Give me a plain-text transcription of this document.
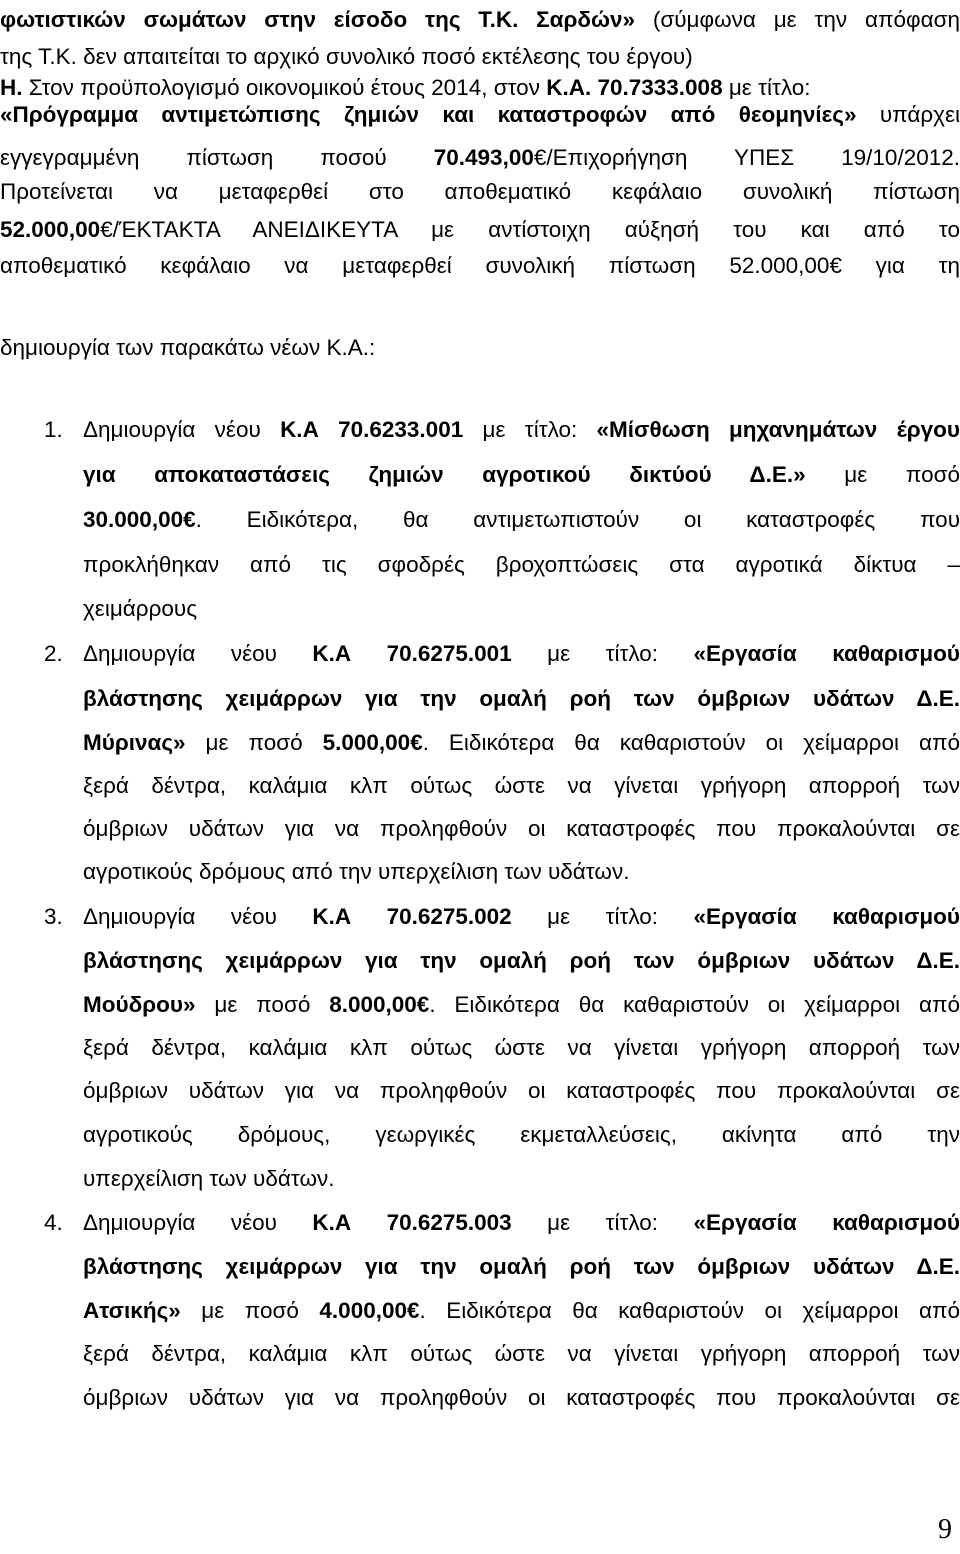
φωτιστικών σωμάτων στην είσοδο της Τ.Κ. Σαρδών» (σύμφωνα με την απόφαση
της Τ.Κ. δεν απαιτείται το αρχικό συνολικό ποσό εκτέλεσης του έργου)
Η. Στον προϋπολογισμό οικονομικού έτους 2014, στον Κ.Α. 70.7333.008 με τίτλο:
«Πρόγραμμα αντιμετώπισης ζημιών και καταστροφών από θεομηνίες» υπάρχει
εγγεγραμμένη πίστωση ποσού 70.493,00€/Επιχορήγηση ΥΠΕΣ 19/10/2012.
Προτείνεται να μεταφερθεί στο αποθεματικό κεφάλαιο συνολική πίστωση
52.000,00€/ΈΚΤΑΚΤΑ ΑΝΕΙΔΙΚΕΥΤΑ με αντίστοιχη αύξησή του και από το
αποθεματικό κεφάλαιο να μεταφερθεί συνολική πίστωση 52.000,00€ για τη
δημιουργία των παρακάτω νέων Κ.Α.:
1. Δημιουργία νέου Κ.Α 70.6233.001 με τίτλο: «Μίσθωση μηχανημάτων έργου
για αποκαταστάσεις ζημιών αγροτικού δικτύού Δ.Ε.» με ποσό
30.000,00€. Ειδικότερα, θα αντιμετωπιστούν οι καταστροφές που
προκλήθηκαν από τις σφοδρές βροχοπτώσεις στα αγροτικά δίκτυα –
χειμάρρους
2. Δημιουργία νέου Κ.Α 70.6275.001 με τίτλο: «Εργασία καθαρισμού
βλάστησης χειμάρρων για την ομαλή ροή των όμβριων υδάτων Δ.Ε.
Μύρινας» με ποσό 5.000,00€. Ειδικότερα θα καθαριστούν οι χείμαρροι από
ξερά δέντρα, καλάμια κλπ ούτως ώστε να γίνεται γρήγορη απορροή των
όμβριων υδάτων για να προληφθούν οι καταστροφές που προκαλούνται σε
αγροτικούς δρόμους από την υπερχείλιση των υδάτων.
3. Δημιουργία νέου Κ.Α 70.6275.002 με τίτλο: «Εργασία καθαρισμού
βλάστησης χειμάρρων για την ομαλή ροή των όμβριων υδάτων Δ.Ε.
Μούδρου» με ποσό 8.000,00€. Ειδικότερα θα καθαριστούν οι χείμαρροι από
ξερά δέντρα, καλάμια κλπ ούτως ώστε να γίνεται γρήγορη απορροή των
όμβριων υδάτων για να προληφθούν οι καταστροφές που προκαλούνται σε
αγροτικούς δρόμους, γεωργικές εκμεταλλεύσεις, ακίνητα από την
υπερχείλιση των υδάτων.
4. Δημιουργία νέου Κ.Α 70.6275.003 με τίτλο: «Εργασία καθαρισμού
βλάστησης χειμάρρων για την ομαλή ροή των όμβριων υδάτων Δ.Ε.
Ατσικής» με ποσό 4.000,00€. Ειδικότερα θα καθαριστούν οι χείμαρροι από
ξερά δέντρα, καλάμια κλπ ούτως ώστε να γίνεται γρήγορη απορροή των
όμβριων υδάτων για να προληφθούν οι καταστροφές που προκαλούνται σε
9
